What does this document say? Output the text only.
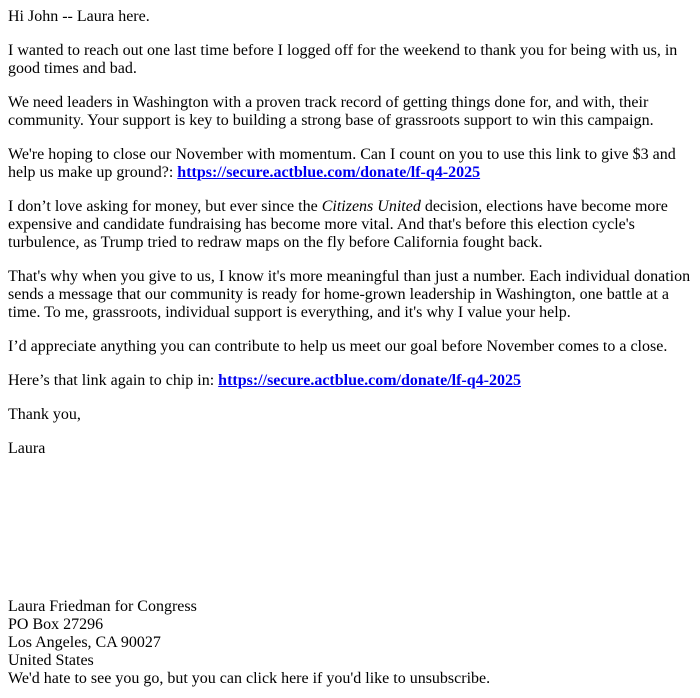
Hi John -- Laura here.

I wanted to reach out one last time before I logged off for the weekend to thank you for being with us, in good times and bad.

We need leaders in Washington with a proven track record of getting things done for, and with, their community. Your support is key to building a strong base of grassroots support to win this campaign.

We're hoping to close our November with momentum. Can I count on you to use this link to give $3 and help us make up ground?: https://secure.actblue.com/donate/lf-q4-2025

I don’t love asking for money, but ever since the Citizens United decision, elections have become more expensive and candidate fundraising has become more vital. And that's before this election cycle's turbulence, as Trump tried to redraw maps on the fly before California fought back.

That's why when you give to us, I know it's more meaningful than just a number. Each individual donation sends a message that our community is ready for home-grown leadership in Washington, one battle at a time. To me, grassroots, individual support is everything, and it's why I value your help.

I’d appreciate anything you can contribute to help us meet our goal before November comes to a close.

Here’s that link again to chip in: https://secure.actblue.com/donate/lf-q4-2025

Thank you,

Laura

Laura Friedman for Congress
PO Box 27296
Los Angeles, CA 90027
United States
We'd hate to see you go, but you can click here if you'd like to unsubscribe.
